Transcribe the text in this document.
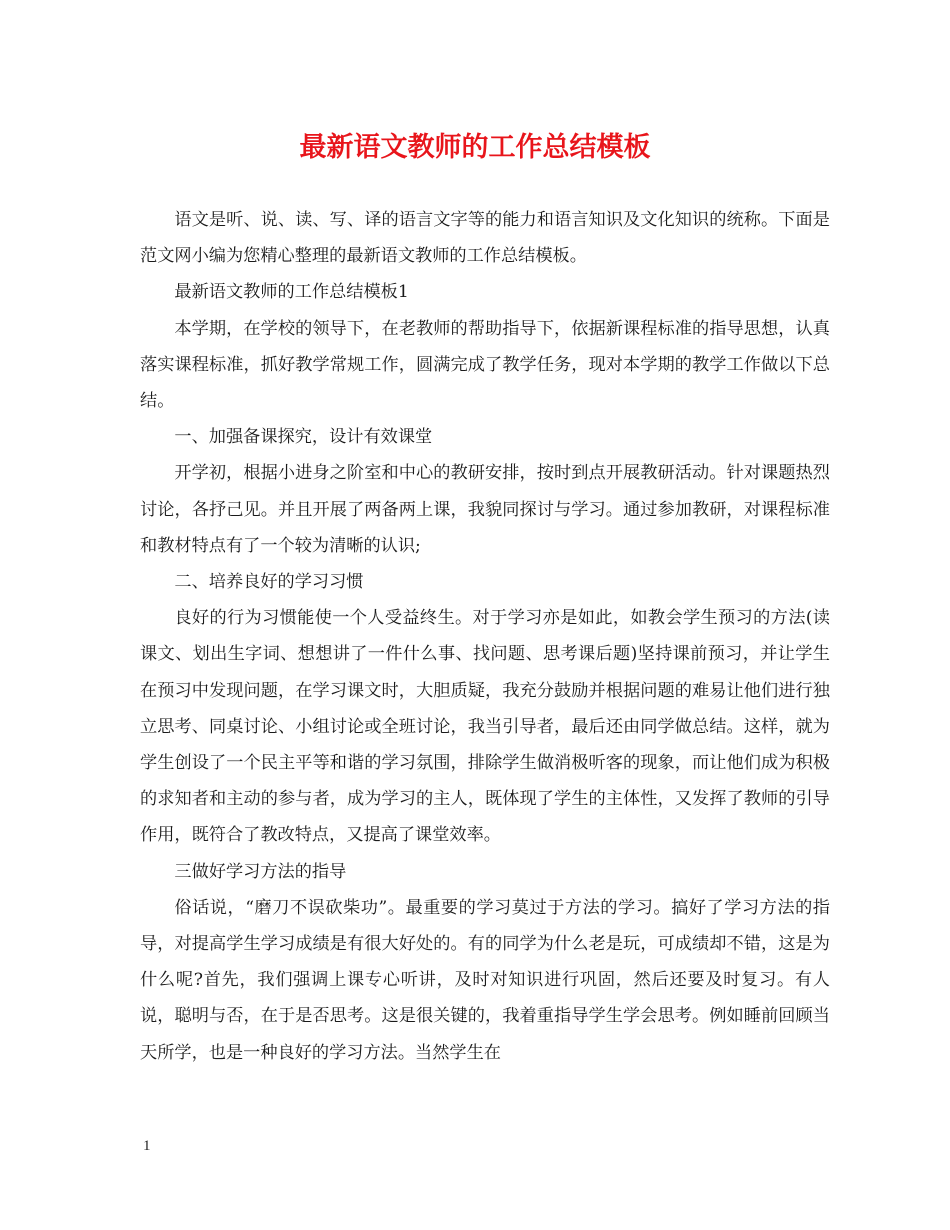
最新语文教师的工作总结模板

语文是听、说、读、写、译的语言文字等的能力和语言知识及文化知识的统称。下面是范文网小编为您精心整理的最新语文教师的工作总结模板。

最新语文教师的工作总结模板1

本学期，在学校的领导下，在老教师的帮助指导下，依据新课程标准的指导思想，认真落实课程标准，抓好教学常规工作，圆满完成了教学任务，现对本学期的教学工作做以下总结。

一、加强备课探究，设计有效课堂

开学初，根据小进身之阶室和中心的教研安排，按时到点开展教研活动。针对课题热烈讨论，各抒己见。并且开展了两备两上课，我貌同探讨与学习。通过参加教研，对课程标准和教材特点有了一个较为清晰的认识;

二、培养良好的学习习惯

良好的行为习惯能使一个人受益终生。对于学习亦是如此，如教会学生预习的方法(读课文、划出生字词、想想讲了一件什么事、找问题、思考课后题)坚持课前预习，并让学生在预习中发现问题，在学习课文时，大胆质疑，我充分鼓励并根据问题的难易让他们进行独立思考、同桌讨论、小组讨论或全班讨论，我当引导者，最后还由同学做总结。这样，就为学生创设了一个民主平等和谐的学习氛围，排除学生做消极听客的现象，而让他们成为积极的求知者和主动的参与者，成为学习的主人，既体现了学生的主体性，又发挥了教师的引导作用，既符合了教改特点，又提高了课堂效率。

三做好学习方法的指导

俗话说，“磨刀不误砍柴功”。最重要的学习莫过于方法的学习。搞好了学习方法的指导，对提高学生学习成绩是有很大好处的。有的同学为什么老是玩，可成绩却不错，这是为什么呢?首先，我们强调上课专心听讲，及时对知识进行巩固，然后还要及时复习。有人说，聪明与否，在于是否思考。这是很关键的，我着重指导学生学会思考。例如睡前回顾当天所学，也是一种良好的学习方法。当然学生在

1
